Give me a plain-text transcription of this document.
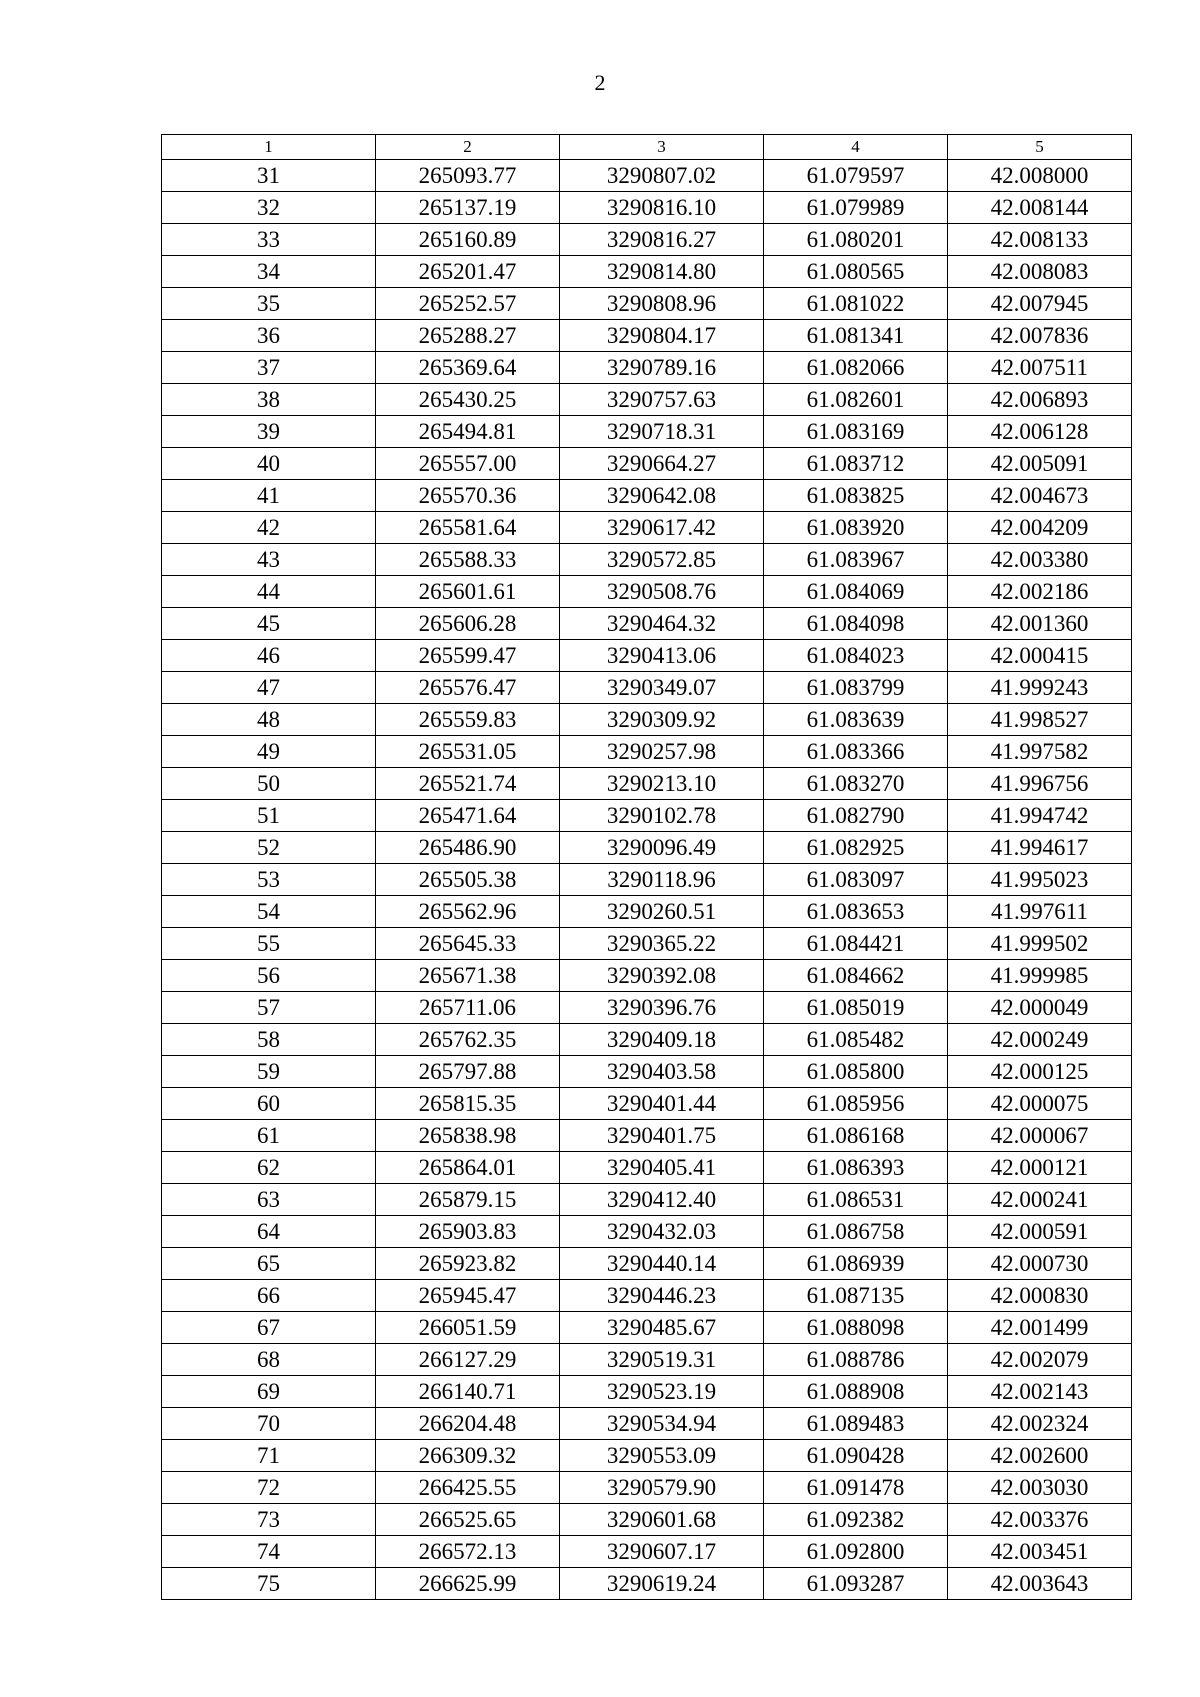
2
1	2	3	4	5
31	265093.77	3290807.02	61.079597	42.008000
32	265137.19	3290816.10	61.079989	42.008144
33	265160.89	3290816.27	61.080201	42.008133
34	265201.47	3290814.80	61.080565	42.008083
35	265252.57	3290808.96	61.081022	42.007945
36	265288.27	3290804.17	61.081341	42.007836
37	265369.64	3290789.16	61.082066	42.007511
38	265430.25	3290757.63	61.082601	42.006893
39	265494.81	3290718.31	61.083169	42.006128
40	265557.00	3290664.27	61.083712	42.005091
41	265570.36	3290642.08	61.083825	42.004673
42	265581.64	3290617.42	61.083920	42.004209
43	265588.33	3290572.85	61.083967	42.003380
44	265601.61	3290508.76	61.084069	42.002186
45	265606.28	3290464.32	61.084098	42.001360
46	265599.47	3290413.06	61.084023	42.000415
47	265576.47	3290349.07	61.083799	41.999243
48	265559.83	3290309.92	61.083639	41.998527
49	265531.05	3290257.98	61.083366	41.997582
50	265521.74	3290213.10	61.083270	41.996756
51	265471.64	3290102.78	61.082790	41.994742
52	265486.90	3290096.49	61.082925	41.994617
53	265505.38	3290118.96	61.083097	41.995023
54	265562.96	3290260.51	61.083653	41.997611
55	265645.33	3290365.22	61.084421	41.999502
56	265671.38	3290392.08	61.084662	41.999985
57	265711.06	3290396.76	61.085019	42.000049
58	265762.35	3290409.18	61.085482	42.000249
59	265797.88	3290403.58	61.085800	42.000125
60	265815.35	3290401.44	61.085956	42.000075
61	265838.98	3290401.75	61.086168	42.000067
62	265864.01	3290405.41	61.086393	42.000121
63	265879.15	3290412.40	61.086531	42.000241
64	265903.83	3290432.03	61.086758	42.000591
65	265923.82	3290440.14	61.086939	42.000730
66	265945.47	3290446.23	61.087135	42.000830
67	266051.59	3290485.67	61.088098	42.001499
68	266127.29	3290519.31	61.088786	42.002079
69	266140.71	3290523.19	61.088908	42.002143
70	266204.48	3290534.94	61.089483	42.002324
71	266309.32	3290553.09	61.090428	42.002600
72	266425.55	3290579.90	61.091478	42.003030
73	266525.65	3290601.68	61.092382	42.003376
74	266572.13	3290607.17	61.092800	42.003451
75	266625.99	3290619.24	61.093287	42.003643
